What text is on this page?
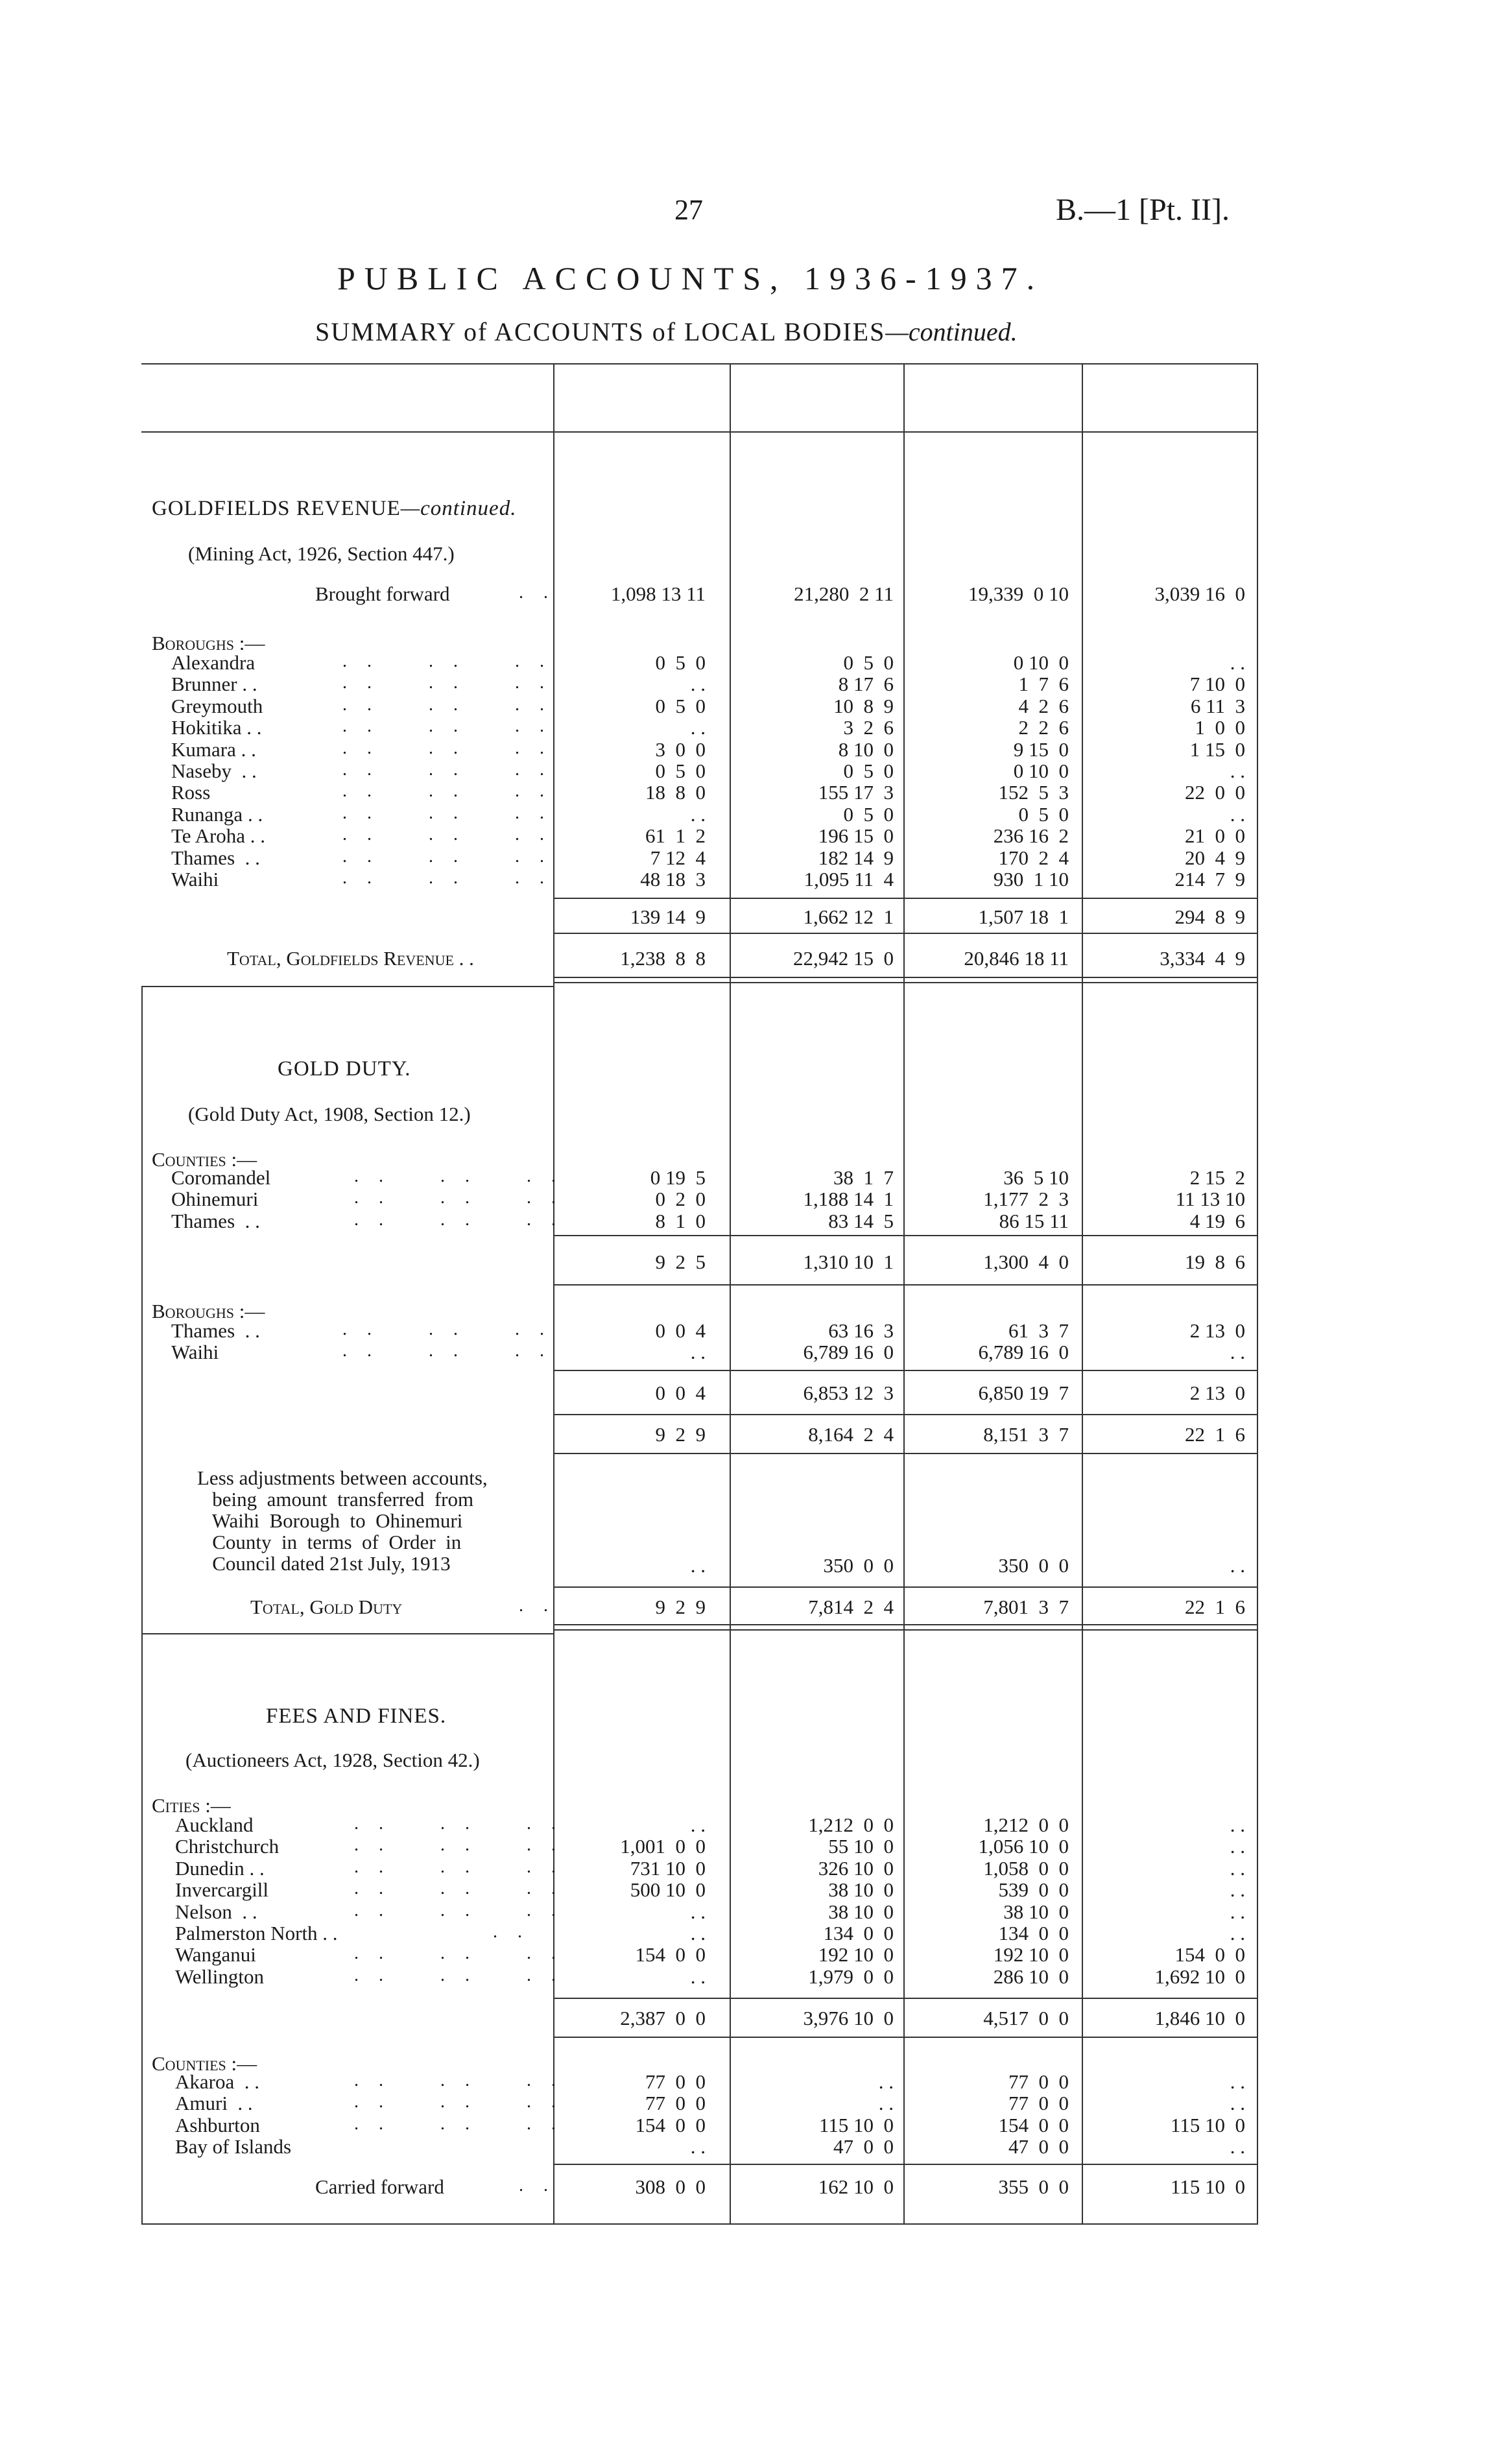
27	B.—1 [Pt. II].
PUBLIC ACCOUNTS, 1936-1937.
SUMMARY of ACCOUNTS of LOCAL BODIES—continued.
GOLDFIELDS REVENUE—continued.
(Mining Act, 1926, Section 447.)
Brought forward	. .	1,098 13 11	21,280  2 11	19,339  0 10	3,039 16  0
Boroughs :—
Alexandra	. .    . .    . .	0  5  0	0  5  0	0 10  0	. .
Brunner . .	. .    . .    . .	. .	8 17  6	1  7  6	7 10  0
Greymouth	. .    . .    . .	0  5  0	10  8  9	4  2  6	6 11  3
Hokitika . .	. .    . .    . .	. .	3  2  6	2  2  6	1  0  0
Kumara . .	. .    . .    . .	3  0  0	8 10  0	9 15  0	1 15  0
Naseby  . .	. .    . .    . .	0  5  0	0  5  0	0 10  0	. .
Ross	. .    . .    . .	18  8  0	155 17  3	152  5  3	22  0  0
Runanga . .	. .    . .    . .	. .	0  5  0	0  5  0	. .
Te Aroha . .	. .    . .    . .	61  1  2	196 15  0	236 16  2	21  0  0
Thames  . .	. .    . .    . .	7 12  4	182 14  9	170  2  4	20  4  9
Waihi	. .    . .    . .	48 18  3	1,095 11  4	930  1 10	214  7  9
139 14  9	1,662 12  1	1,507 18  1	294  8  9
Total, Goldfields Revenue . .	1,238  8  8	22,942 15  0	20,846 18 11	3,334  4  9
GOLD DUTY.
(Gold Duty Act, 1908, Section 12.)
Counties :—
Coromandel	. .    . .    . .	0 19  5	38  1  7	36  5 10	2 15  2
Ohinemuri	. .    . .    . .	0  2  0	1,188 14  1	1,177  2  3	11 13 10
Thames  . .	. .    . .    . .	8  1  0	83 14  5	86 15 11	4 19  6
9  2  5	1,310 10  1	1,300  4  0	19  8  6
Boroughs :—
Thames  . .	. .    . .    . .	0  0  4	63 16  3	61  3  7	2 13  0
Waihi	. .    . .    . .	. .	6,789 16  0	6,789 16  0	. .
0  0  4	6,853 12  3	6,850 19  7	2 13  0
9  2  9	8,164  2  4	8,151  3  7	22  1  6
Less adjustments between accounts,
being  amount  transferred  from
Waihi  Borough  to  Ohinemuri
County  in  terms  of  Order  in
Council dated 21st July, 1913	. .	350  0  0	350  0  0	. .
Total, Gold Duty	. .	9  2  9	7,814  2  4	7,801  3  7	22  1  6
FEES AND FINES.
(Auctioneers Act, 1928, Section 42.)
Cities :—
Auckland	. .    . .    . .	. .	1,212  0  0	1,212  0  0	. .
Christchurch	. .    . .    . .	1,001  0  0	55 10  0	1,056 10  0	. .
Dunedin . .	. .    . .    . .	731 10  0	326 10  0	1,058  0  0	. .
Invercargill	. .    . .    . .	500 10  0	38 10  0	539  0  0	. .
Nelson  . .	. .    . .    . .	. .	38 10  0	38 10  0	. .
Palmerston North . .	. .	. .	134  0  0	134  0  0	. .
Wanganui	. .    . .    . .	154  0  0	192 10  0	192 10  0	154  0  0
Wellington	. .    . .    . .	. .	1,979  0  0	286 10  0	1,692 10  0
2,387  0  0	3,976 10  0	4,517  0  0	1,846 10  0
Counties :—
Akaroa  . .	. .    . .    . .	77  0  0	. .	77  0  0	. .
Amuri  . .	. .    . .    . .	77  0  0	. .	77  0  0	. .
Ashburton	. .    . .    . .	154  0  0	115 10  0	154  0  0	115 10  0
Bay of Islands	. .	47  0  0	47  0  0	. .
Carried forward	. .	308  0  0	162 10  0	355  0  0	115 10  0
